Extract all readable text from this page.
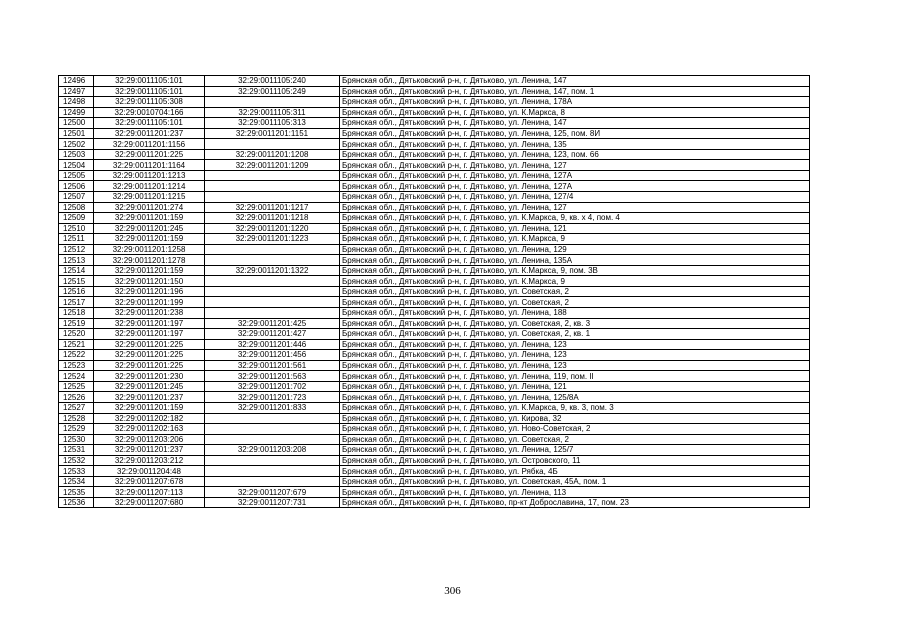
12496	32:29:0011105:101	32:29:0011105:240	Брянская обл., Дятьковский р-н, г. Дятьково, ул. Ленина, 147
12497	32:29:0011105:101	32:29:0011105:249	Брянская обл., Дятьковский р-н, г. Дятьково, ул. Ленина, 147, пом. 1
12498	32:29:0011105:308		Брянская обл., Дятьковский р-н, г. Дятьково, ул. Ленина, 178А
12499	32:29:0010704:166	32:29:0011105:311	Брянская обл., Дятьковский р-н, г. Дятьково, ул. К.Маркса, 8
12500	32:29:0011105:101	32:29:0011105:313	Брянская обл., Дятьковский р-н, г. Дятьково, ул. Ленина, 147
12501	32:29:0011201:237	32:29:0011201:1151	Брянская обл., Дятьковский р-н, г. Дятьково, ул. Ленина, 125, пом. 8И
12502	32:29:0011201:1156		Брянская обл., Дятьковский р-н, г. Дятьково, ул. Ленина, 135
12503	32:29:0011201:225	32:29:0011201:1208	Брянская обл., Дятьковский р-н, г. Дятьково, ул. Ленина, 123, пом. 66
12504	32:29:0011201:1164	32:29:0011201:1209	Брянская обл., Дятьковский р-н, г. Дятьково, ул. Ленина, 127
12505	32:29:0011201:1213		Брянская обл., Дятьковский р-н, г. Дятьково, ул. Ленина, 127А
12506	32:29:0011201:1214		Брянская обл., Дятьковский р-н, г. Дятьково, ул. Ленина, 127А
12507	32:29:0011201:1215		Брянская обл., Дятьковский р-н, г. Дятьково, ул. Ленина, 127/4
12508	32:29:0011201:274	32:29:0011201:1217	Брянская обл., Дятьковский р-н, г. Дятьково, ул. Ленина, 127
12509	32:29:0011201:159	32:29:0011201:1218	Брянская обл., Дятьковский р-н, г. Дятьково, ул. К.Маркса, 9, кв. х 4, пом. 4
12510	32:29:0011201:245	32:29:0011201:1220	Брянская обл., Дятьковский р-н, г. Дятьково, ул. Ленина, 121
12511	32:29:0011201:159	32:29:0011201:1223	Брянская обл., Дятьковский р-н, г. Дятьково, ул. К.Маркса, 9
12512	32:29:0011201:1258		Брянская обл., Дятьковский р-н, г. Дятьково, ул. Ленина, 129
12513	32:29:0011201:1278		Брянская обл., Дятьковский р-н, г. Дятьково, ул. Ленина, 135А
12514	32:29:0011201:159	32:29:0011201:1322	Брянская обл., Дятьковский р-н, г. Дятьково, ул. К.Маркса, 9, пом. 3В
12515	32:29:0011201:150		Брянская обл., Дятьковский р-н, г. Дятьково, ул. К.Маркса, 9
12516	32:29:0011201:196		Брянская обл., Дятьковский р-н, г. Дятьково, ул. Советская, 2
12517	32:29:0011201:199		Брянская обл., Дятьковский р-н, г. Дятьково, ул. Советская, 2
12518	32:29:0011201:238		Брянская обл., Дятьковский р-н, г. Дятьково, ул. Ленина, 188
12519	32:29:0011201:197	32:29:0011201:425	Брянская обл., Дятьковский р-н, г. Дятьково, ул. Советская, 2, кв. 3
12520	32:29:0011201:197	32:29:0011201:427	Брянская обл., Дятьковский р-н, г. Дятьково, ул. Советская, 2, кв. 1
12521	32:29:0011201:225	32:29:0011201:446	Брянская обл., Дятьковский р-н, г. Дятьково, ул. Ленина, 123
12522	32:29:0011201:225	32:29:0011201:456	Брянская обл., Дятьковский р-н, г. Дятьково, ул. Ленина, 123
12523	32:29:0011201:225	32:29:0011201:561	Брянская обл., Дятьковский р-н, г. Дятьково, ул. Ленина, 123
12524	32:29:0011201:230	32:29:0011201:563	Брянская обл., Дятьковский р-н, г. Дятьково, ул. Ленина, 119, пом. II
12525	32:29:0011201:245	32:29:0011201:702	Брянская обл., Дятьковский р-н, г. Дятьково, ул. Ленина, 121
12526	32:29:0011201:237	32:29:0011201:723	Брянская обл., Дятьковский р-н, г. Дятьково, ул. Ленина, 125/8А
12527	32:29:0011201:159	32:29:0011201:833	Брянская обл., Дятьковский р-н, г. Дятьково, ул. К.Маркса, 9, кв. 3, пом. 3
12528	32:29:0011202:182		Брянская обл., Дятьковский р-н, г. Дятьково, ул. Кирова, 32
12529	32:29:0011202:163		Брянская обл., Дятьковский р-н, г. Дятьково, ул. Ново-Советская, 2
12530	32:29:0011203:206		Брянская обл., Дятьковский р-н, г. Дятьково, ул. Советская, 2
12531	32:29:0011201:237	32:29:0011203:208	Брянская обл., Дятьковский р-н, г. Дятьково, ул. Ленина, 125/7
12532	32:29:0011203:212		Брянская обл., Дятьковский р-н, г. Дятьково, ул. Островского, 11
12533	32:29:0011204:48		Брянская обл., Дятьковский р-н, г. Дятьково, ул. Рябка, 4Б
12534	32:29:0011207:678		Брянская обл., Дятьковский р-н, г. Дятьково, ул. Советская, 45А, пом. 1
12535	32:29:0011207:113	32:29:0011207:679	Брянская обл., Дятьковский р-н, г. Дятьково, ул. Ленина, 113
12536	32:29:0011207:680	32:29:0011207:731	Брянская обл., Дятьковский р-н, г. Дятьково, пр-кт Доброславина, 17, пом. 23
306
